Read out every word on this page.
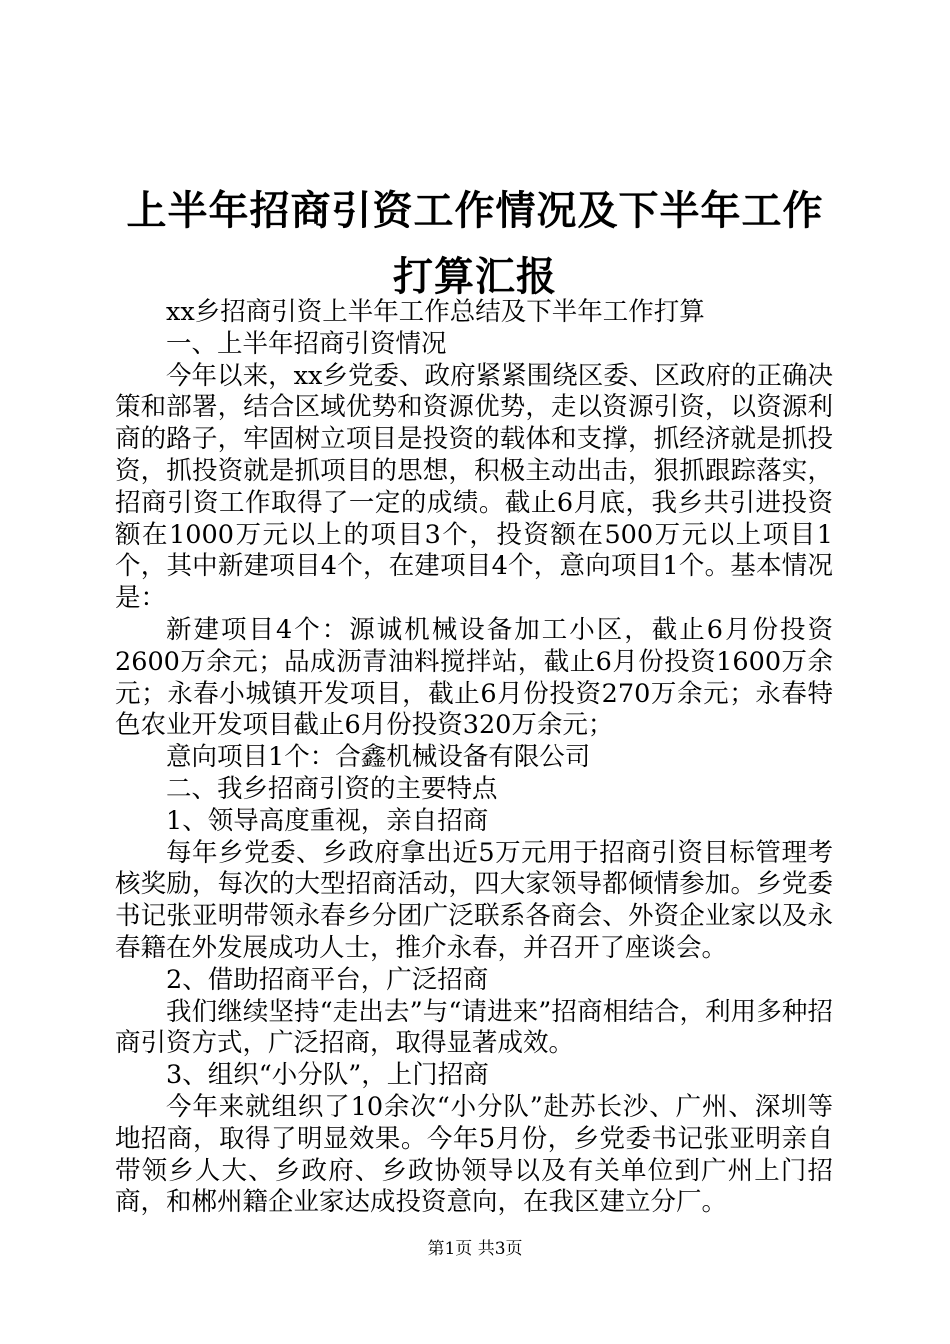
上半年招商引资工作情况及下半年工作打算汇报

xx乡招商引资上半年工作总结及下半年工作打算

一、上半年招商引资情况

今年以来，xx乡党委、政府紧紧围绕区委、区政府的正确决策和部署，结合区域优势和资源优势，走以资源引资，以资源利商的路子，牢固树立项目是投资的载体和支撑，抓经济就是抓投资，抓投资就是抓项目的思想，积极主动出击，狠抓跟踪落实，招商引资工作取得了一定的成绩。截止6月底，我乡共引进投资额在1000万元以上的项目3个，投资额在500万元以上项目1个，其中新建项目4个，在建项目4个，意向项目1个。基本情况是：

新建项目4个：源诚机械设备加工小区，截止6月份投资2600万余元；品成沥青油料搅拌站，截止6月份投资1600万余元；永春小城镇开发项目，截止6月份投资270万余元；永春特色农业开发项目截止6月份投资320万余元；

意向项目1个：合鑫机械设备有限公司

二、我乡招商引资的主要特点

1、领导高度重视，亲自招商

每年乡党委、乡政府拿出近5万元用于招商引资目标管理考核奖励，每次的大型招商活动，四大家领导都倾情参加。乡党委书记张亚明带领永春乡分团广泛联系各商会、外资企业家以及永春籍在外发展成功人士，推介永春，并召开了座谈会。

2、借助招商平台，广泛招商

我们继续坚持“走出去”与“请进来”招商相结合，利用多种招商引资方式，广泛招商，取得显著成效。

3、组织“小分队”，上门招商

今年来就组织了10余次“小分队”赴苏长沙、广州、深圳等地招商，取得了明显效果。今年5月份，乡党委书记张亚明亲自带领乡人大、乡政府、乡政协领导以及有关单位到广州上门招商，和郴州籍企业家达成投资意向，在我区建立分厂。

第1页 共3页
